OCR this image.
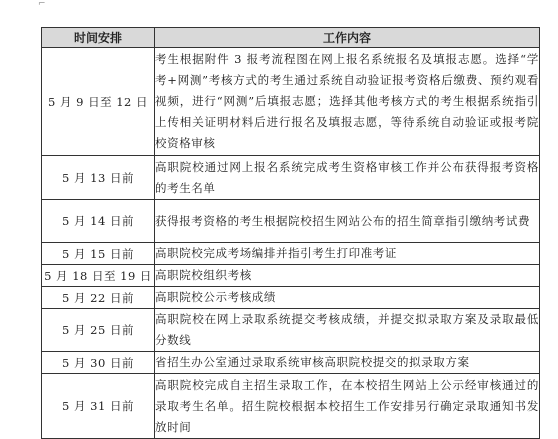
⌐
时间安排	工作内容
5 月 9 日至 12 日	考生根据附件 3 报考流程图在网上报名系统报名及填报志愿。选择“学考+网测”考核方式的考生通过系统自动验证报考资格后缴费、预约观看视频，进行“网测”后填报志愿；选择其他考核方式的考生根据系统指引上传相关证明材料后进行报名及填报志愿，等待系统自动验证或报考院校资格审核
5 月 13 日前	高职院校通过网上报名系统完成考生资格审核工作并公布获得报考资格的考生名单
5 月 14 日前	获得报考资格的考生根据院校招生网站公布的招生简章指引缴纳考试费
5 月 15 日前	高职院校完成考场编排并指引考生打印准考证
5 月 18 日至 19 日	高职院校组织考核
5 月 22 日前	高职院校公示考核成绩
5 月 25 日前	高职院校在网上录取系统提交考核成绩，并提交拟录取方案及录取最低分数线
5 月 30 日前	省招生办公室通过录取系统审核高职院校提交的拟录取方案
5 月 31 日前	高职院校完成自主招生录取工作，在本校招生网站上公示经审核通过的录取考生名单。招生院校根据本校招生工作安排另行确定录取通知书发放时间
